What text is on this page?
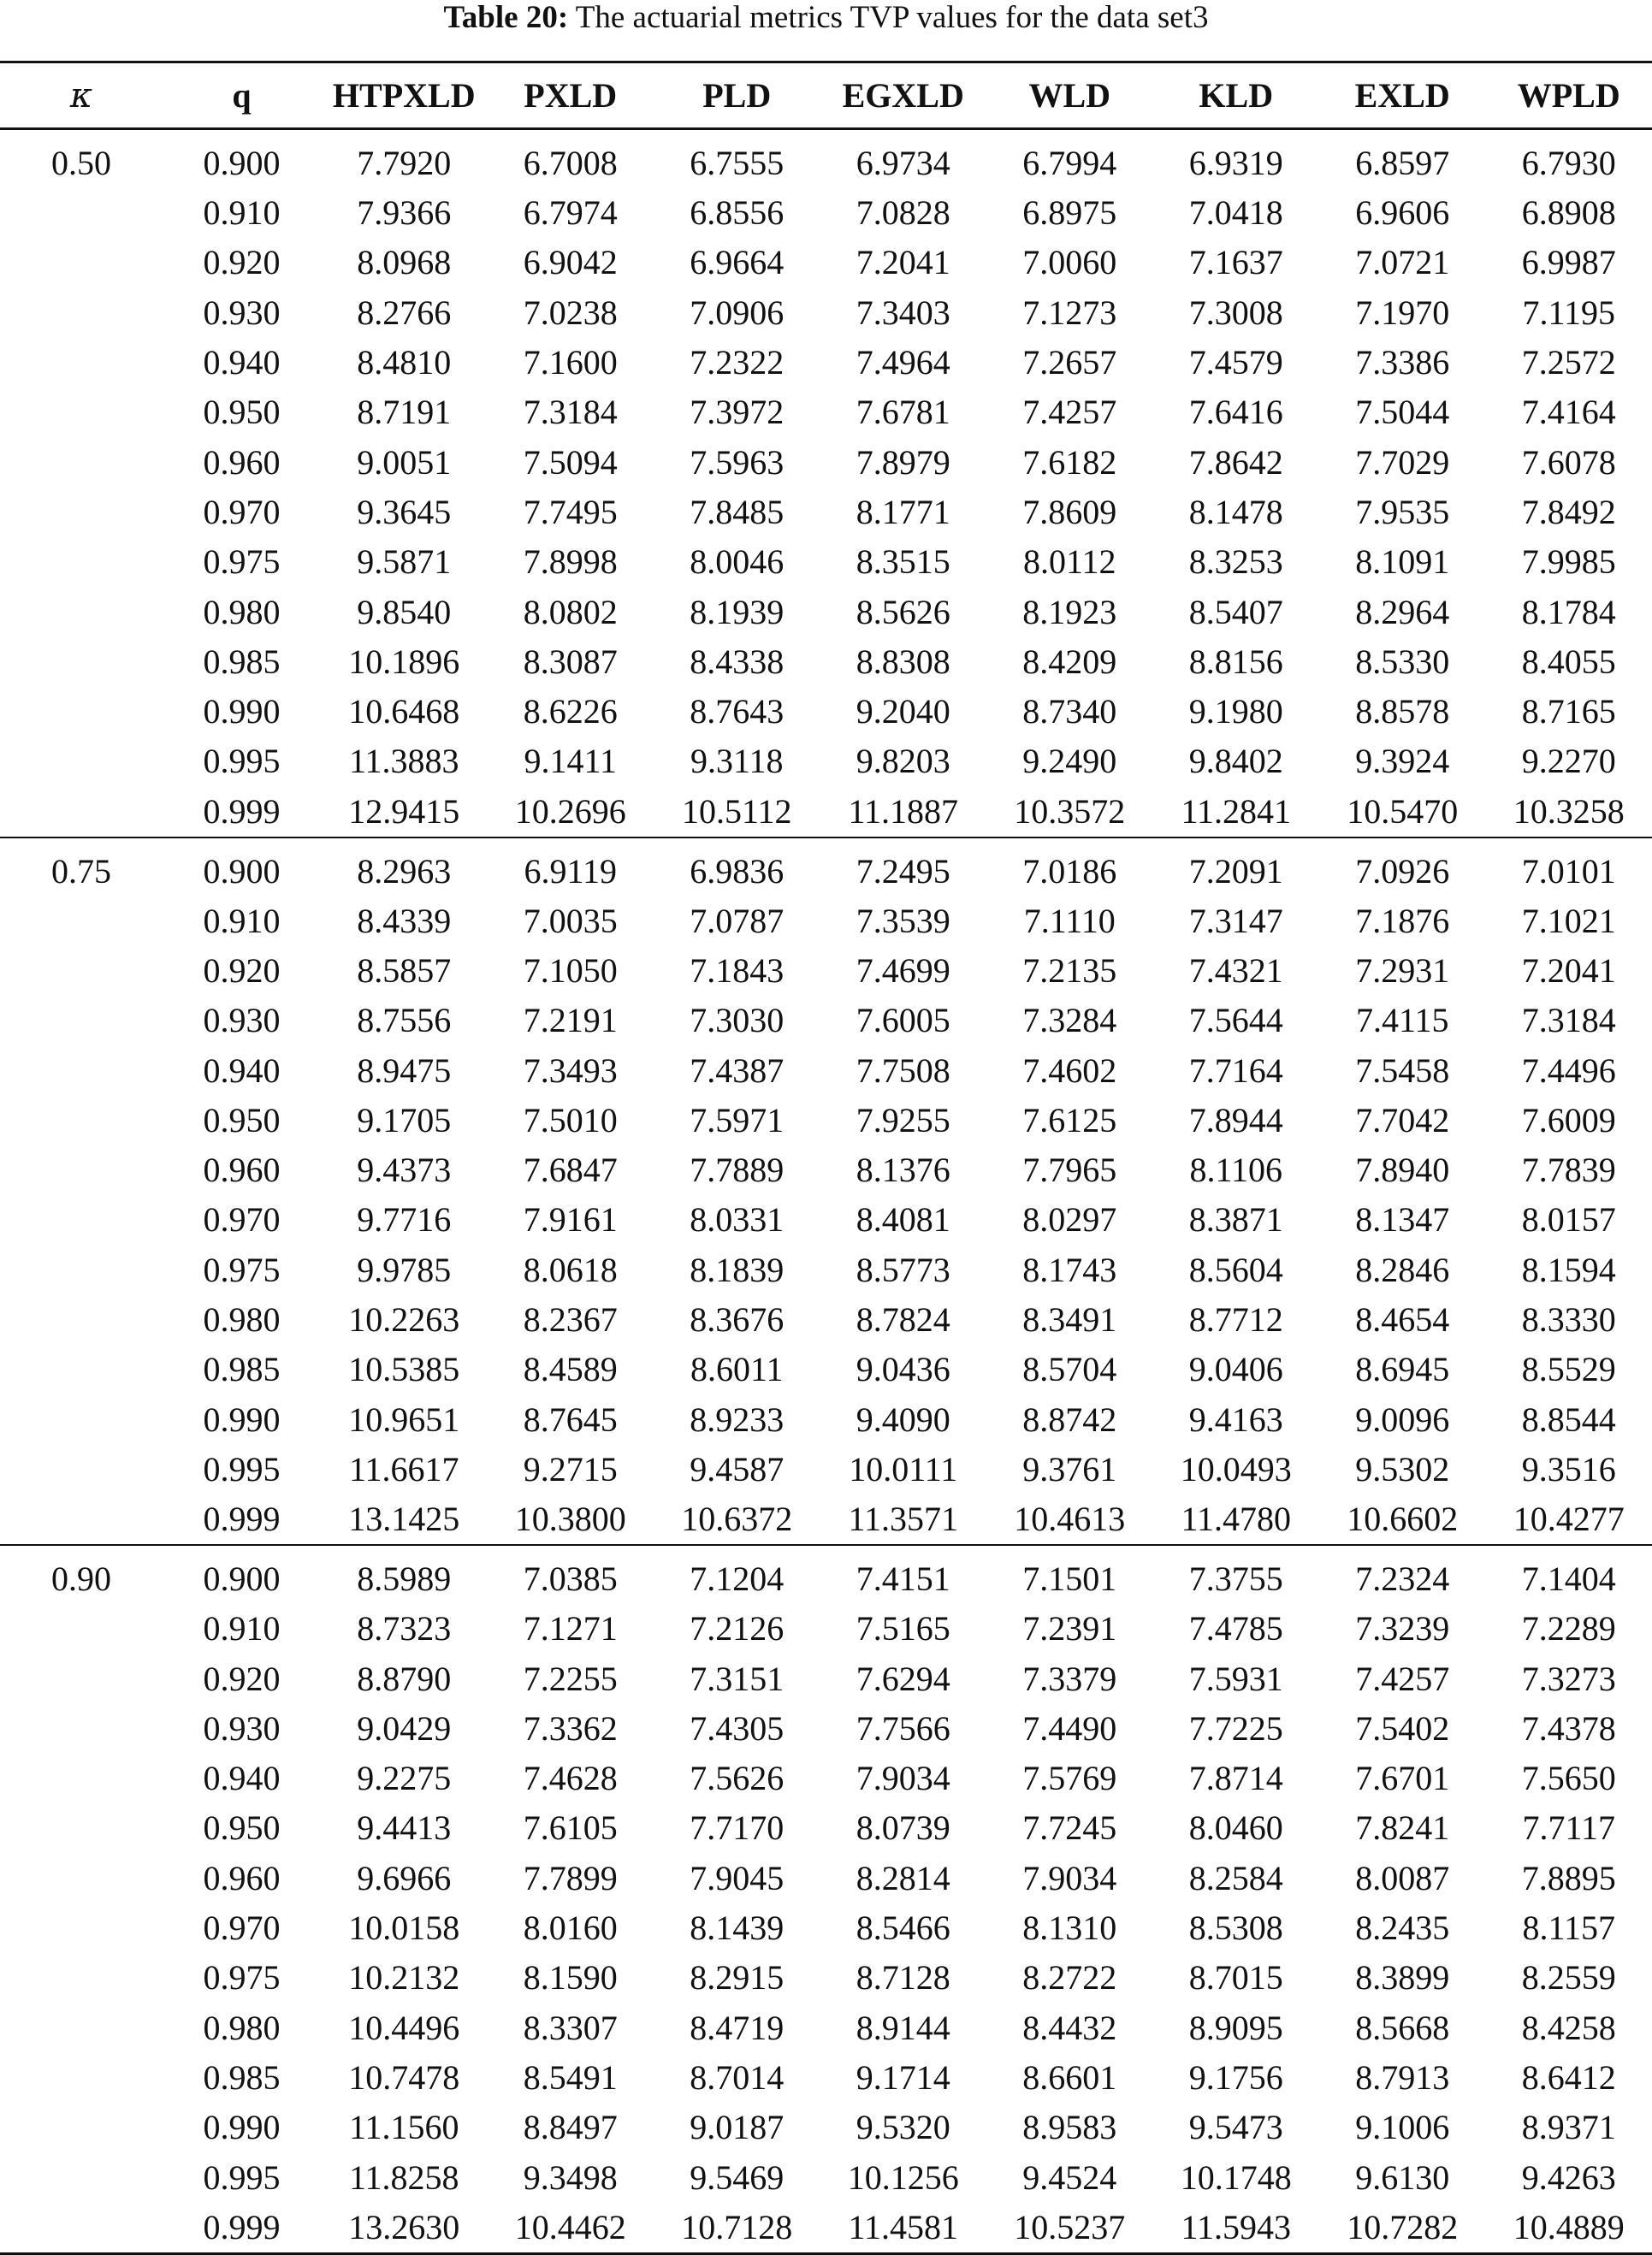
Table 20: The actuarial metrics TVP values for the data set3
κ	q	HTPXLD	PXLD	PLD	EGXLD	WLD	KLD	EXLD	WPLD
0.50	0.900	7.7920	6.7008	6.7555	6.9734	6.7994	6.9319	6.8597	6.7930
	0.910	7.9366	6.7974	6.8556	7.0828	6.8975	7.0418	6.9606	6.8908
	0.920	8.0968	6.9042	6.9664	7.2041	7.0060	7.1637	7.0721	6.9987
	0.930	8.2766	7.0238	7.0906	7.3403	7.1273	7.3008	7.1970	7.1195
	0.940	8.4810	7.1600	7.2322	7.4964	7.2657	7.4579	7.3386	7.2572
	0.950	8.7191	7.3184	7.3972	7.6781	7.4257	7.6416	7.5044	7.4164
	0.960	9.0051	7.5094	7.5963	7.8979	7.6182	7.8642	7.7029	7.6078
	0.970	9.3645	7.7495	7.8485	8.1771	7.8609	8.1478	7.9535	7.8492
	0.975	9.5871	7.8998	8.0046	8.3515	8.0112	8.3253	8.1091	7.9985
	0.980	9.8540	8.0802	8.1939	8.5626	8.1923	8.5407	8.2964	8.1784
	0.985	10.1896	8.3087	8.4338	8.8308	8.4209	8.8156	8.5330	8.4055
	0.990	10.6468	8.6226	8.7643	9.2040	8.7340	9.1980	8.8578	8.7165
	0.995	11.3883	9.1411	9.3118	9.8203	9.2490	9.8402	9.3924	9.2270
	0.999	12.9415	10.2696	10.5112	11.1887	10.3572	11.2841	10.5470	10.3258
0.75	0.900	8.2963	6.9119	6.9836	7.2495	7.0186	7.2091	7.0926	7.0101
	0.910	8.4339	7.0035	7.0787	7.3539	7.1110	7.3147	7.1876	7.1021
	0.920	8.5857	7.1050	7.1843	7.4699	7.2135	7.4321	7.2931	7.2041
	0.930	8.7556	7.2191	7.3030	7.6005	7.3284	7.5644	7.4115	7.3184
	0.940	8.9475	7.3493	7.4387	7.7508	7.4602	7.7164	7.5458	7.4496
	0.950	9.1705	7.5010	7.5971	7.9255	7.6125	7.8944	7.7042	7.6009
	0.960	9.4373	7.6847	7.7889	8.1376	7.7965	8.1106	7.8940	7.7839
	0.970	9.7716	7.9161	8.0331	8.4081	8.0297	8.3871	8.1347	8.0157
	0.975	9.9785	8.0618	8.1839	8.5773	8.1743	8.5604	8.2846	8.1594
	0.980	10.2263	8.2367	8.3676	8.7824	8.3491	8.7712	8.4654	8.3330
	0.985	10.5385	8.4589	8.6011	9.0436	8.5704	9.0406	8.6945	8.5529
	0.990	10.9651	8.7645	8.9233	9.4090	8.8742	9.4163	9.0096	8.8544
	0.995	11.6617	9.2715	9.4587	10.0111	9.3761	10.0493	9.5302	9.3516
	0.999	13.1425	10.3800	10.6372	11.3571	10.4613	11.4780	10.6602	10.4277
0.90	0.900	8.5989	7.0385	7.1204	7.4151	7.1501	7.3755	7.2324	7.1404
	0.910	8.7323	7.1271	7.2126	7.5165	7.2391	7.4785	7.3239	7.2289
	0.920	8.8790	7.2255	7.3151	7.6294	7.3379	7.5931	7.4257	7.3273
	0.930	9.0429	7.3362	7.4305	7.7566	7.4490	7.7225	7.5402	7.4378
	0.940	9.2275	7.4628	7.5626	7.9034	7.5769	7.8714	7.6701	7.5650
	0.950	9.4413	7.6105	7.7170	8.0739	7.7245	8.0460	7.8241	7.7117
	0.960	9.6966	7.7899	7.9045	8.2814	7.9034	8.2584	8.0087	7.8895
	0.970	10.0158	8.0160	8.1439	8.5466	8.1310	8.5308	8.2435	8.1157
	0.975	10.2132	8.1590	8.2915	8.7128	8.2722	8.7015	8.3899	8.2559
	0.980	10.4496	8.3307	8.4719	8.9144	8.4432	8.9095	8.5668	8.4258
	0.985	10.7478	8.5491	8.7014	9.1714	8.6601	9.1756	8.7913	8.6412
	0.990	11.1560	8.8497	9.0187	9.5320	8.9583	9.5473	9.1006	8.9371
	0.995	11.8258	9.3498	9.5469	10.1256	9.4524	10.1748	9.6130	9.4263
	0.999	13.2630	10.4462	10.7128	11.4581	10.5237	11.5943	10.7282	10.4889
